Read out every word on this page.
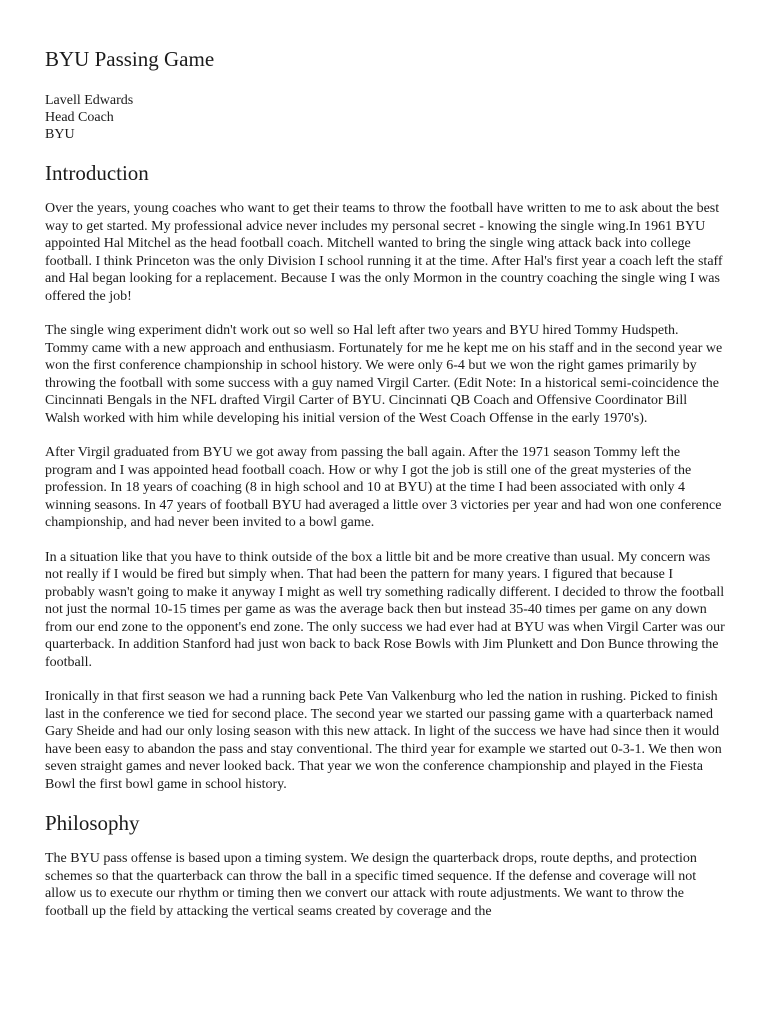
BYU Passing Game
Lavell Edwards
Head Coach
BYU
Introduction

Over the years, young coaches who want to get their teams to throw the football have written to me to ask about the best way to get started. My professional advice never includes my personal secret - knowing the single wing.In 1961 BYU appointed Hal Mitchel as the head football coach. Mitchell wanted to bring the single wing attack back into college football. I think Princeton was the only Division I school running it at the time. After Hal's first year a coach left the staff and Hal began looking for a replacement. Because I was the only Mormon in the country coaching the single wing I was offered the job!

The single wing experiment didn't work out so well so Hal left after two years and BYU hired Tommy Hudspeth. Tommy came with a new approach and enthusiasm. Fortunately for me he kept me on his staff and in the second year we won the first conference championship in school history. We were only 6-4 but we won the right games primarily by throwing the football with some success with a guy named Virgil Carter. (Edit Note: In a historical semi-coincidence the Cincinnati Bengals in the NFL drafted Virgil Carter of BYU. Cincinnati QB Coach and Offensive Coordinator Bill Walsh worked with him while developing his initial version of the West Coach Offense in the early 1970's).

After Virgil graduated from BYU we got away from passing the ball again. After the 1971 season Tommy left the program and I was appointed head football coach. How or why I got the job is still one of the great mysteries of the profession. In 18 years of coaching (8 in high school and 10 at BYU) at the time I had been associated with only 4 winning seasons. In 47 years of football BYU had averaged a little over 3 victories per year and had won one conference championship, and had never been invited to a bowl game.

In a situation like that you have to think outside of the box a little bit and be more creative than usual. My concern was not really if I would be fired but simply when. That had been the pattern for many years. I figured that because I probably wasn't going to make it anyway I might as well try something radically different. I decided to throw the football not just the normal 10-15 times per game as was the average back then but instead 35-40 times per game on any down from our end zone to the opponent's end zone. The only success we had ever had at BYU was when Virgil Carter was our quarterback. In addition Stanford had just won back to back Rose Bowls with Jim Plunkett and Don Bunce throwing the football.

Ironically in that first season we had a running back Pete Van Valkenburg who led the nation in rushing. Picked to finish last in the conference we tied for second place. The second year we started our passing game with a quarterback named Gary Sheide and had our only losing season with this new attack. In light of the success we have had since then it would have been easy to abandon the pass and stay conventional. The third year for example we started out 0-3-1. We then won seven straight games and never looked back. That year we won the conference championship and played in the Fiesta Bowl the first bowl game in school history.

Philosophy

The BYU pass offense is based upon a timing system. We design the quarterback drops, route depths, and protection schemes so that the quarterback can throw the ball in a specific timed sequence. If the defense and coverage will not allow us to execute our rhythm or timing then we convert our attack with route adjustments. We want to throw the football up the field by attacking the vertical seams created by coverage and the
